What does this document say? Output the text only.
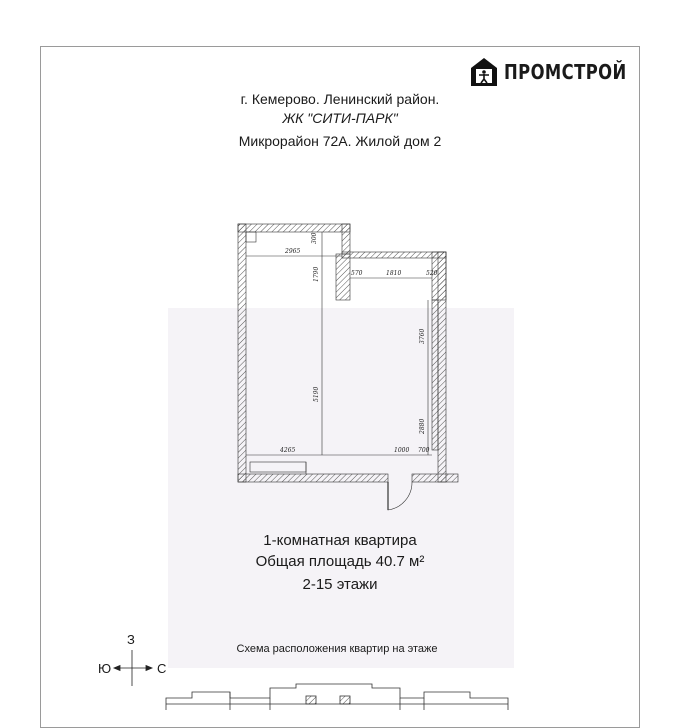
ПРОМСТРОЙ
г. Кемерово. Ленинский район.
ЖК "СИТИ-ПАРК"
Микрорайон 72А. Жилой дом 2
2965
300
1790	570	1810	520
3760
5190
2880
4265	1000 700
1-комнатная квартира
Общая площадь 40.7 м²
2-15 этажи
З
Ю	С
Схема расположения квартир на этаже
